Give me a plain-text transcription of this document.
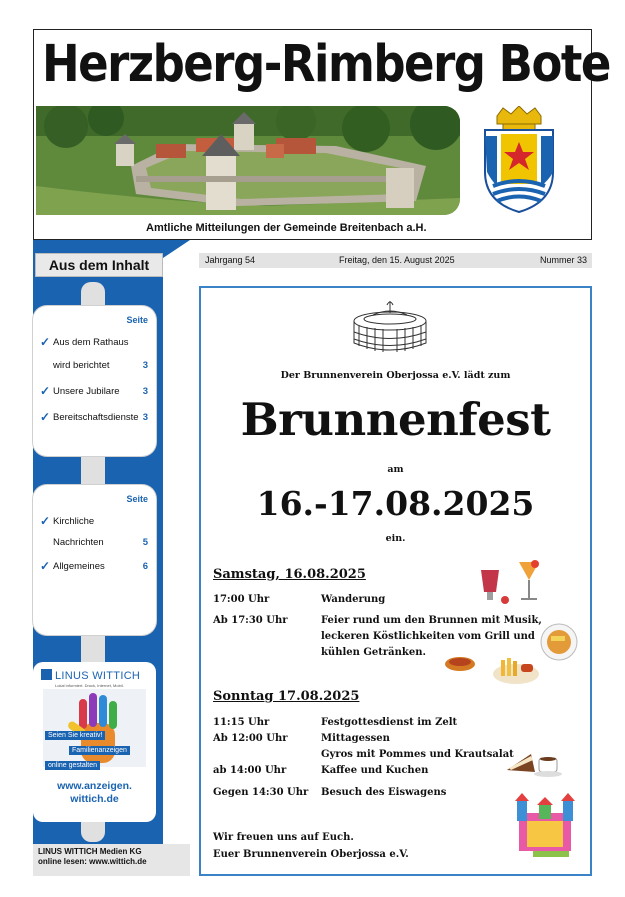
Herzberg-Rimberg Bote
Amtliche Mitteilungen der Gemeinde Breitenbach a.H.
Aus dem Inhalt
Seite
✓ Aus dem Rathaus
wird berichtet	3
✓ Unsere Jubilare 3
✓ Bereitschaftsdienste 3
Seite
✓ Kirchliche
Nachrichten	5
✓ Allgemeines	6
LINUS WITTICH
Lokal informiert. Druck, Internet, Mobil.
Seien Sie kreativ!
Familienanzeigen
online gestalten
www.anzeigen.
wittich.de
LINUS WITTICH Medien KG
online lesen: www.wittich.de
Jahrgang 54	Freitag, den 15. August 2025	Nummer 33
Der Brunnenverein Oberjossa e.V. lädt zum
Brunnenfest
am
16.-17.08.2025
ein.
Samstag, 16.08.2025
17:00 Uhr	Wanderung
Ab 17:30 Uhr	Feier rund um den Brunnen mit Musik, leckeren Köstlichkeiten vom Grill und kühlen Getränken.
Sonntag 17.08.2025
11:15 Uhr	Festgottesdienst im Zelt
Ab 12:00 Uhr	Mittagessen
Gyros mit Pommes und Krautsalat
ab 14:00 Uhr	Kaffee und Kuchen
Gegen 14:30 Uhr Besuch des Eiswagens
Wir freuen uns auf Euch.
Euer Brunnenverein Oberjossa e.V.
